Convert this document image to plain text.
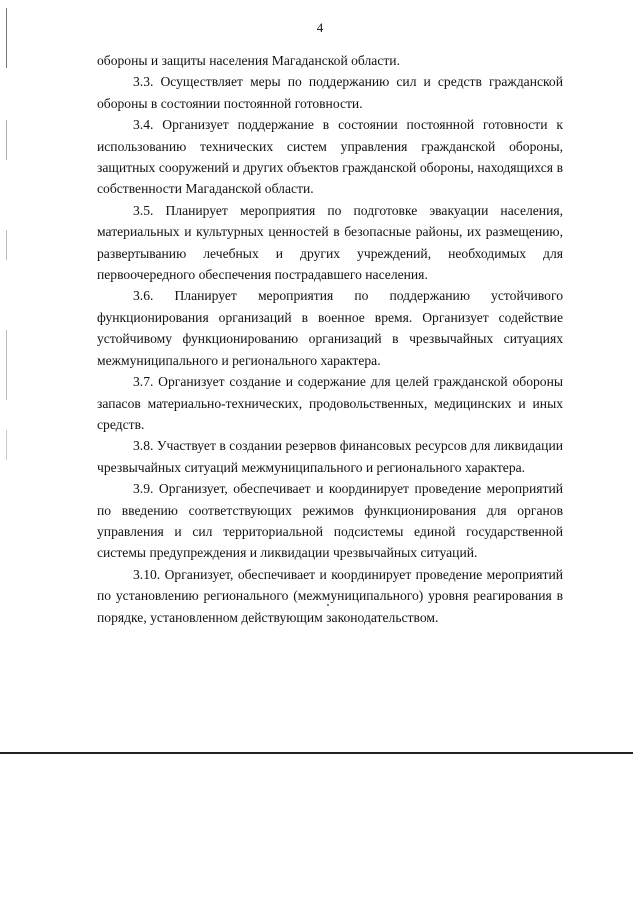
4

обороны и защиты населения Магаданской области.

3.3. Осуществляет меры по поддержанию сил и средств гражданской обороны в состоянии постоянной готовности.

3.4. Организует поддержание в состоянии постоянной готовности к использованию технических систем управления гражданской обороны, защитных сооружений и других объектов гражданской обороны, находящихся в собственности Магаданской области.

3.5. Планирует мероприятия по подготовке эвакуации населения, материальных и культурных ценностей в безопасные районы, их размещению, развертыванию лечебных и других учреждений, необходимых для первоочередного обеспечения пострадавшего населения.

3.6. Планирует мероприятия по поддержанию устойчивого функционирования организаций в военное время. Организует содействие устойчивому функционированию организаций в чрезвычайных ситуациях межмуниципального и регионального характера.

3.7. Организует создание и содержание для целей гражданской обороны запасов материально-технических, продовольственных, медицинских и иных средств.

3.8. Участвует в создании резервов финансовых ресурсов для ликвидации чрезвычайных ситуаций межмуниципального и регионального характера.

3.9. Организует, обеспечивает и координирует проведение мероприятий по введению соответствующих режимов функционирования для органов управления и сил территориальной подсистемы единой государственной системы предупреждения и ликвидации чрезвычайных ситуаций.

3.10. Организует, обеспечивает и координирует проведение мероприятий по установлению регионального (межмуниципального) уровня реагирования в порядке, установленном действующим законодательством.
